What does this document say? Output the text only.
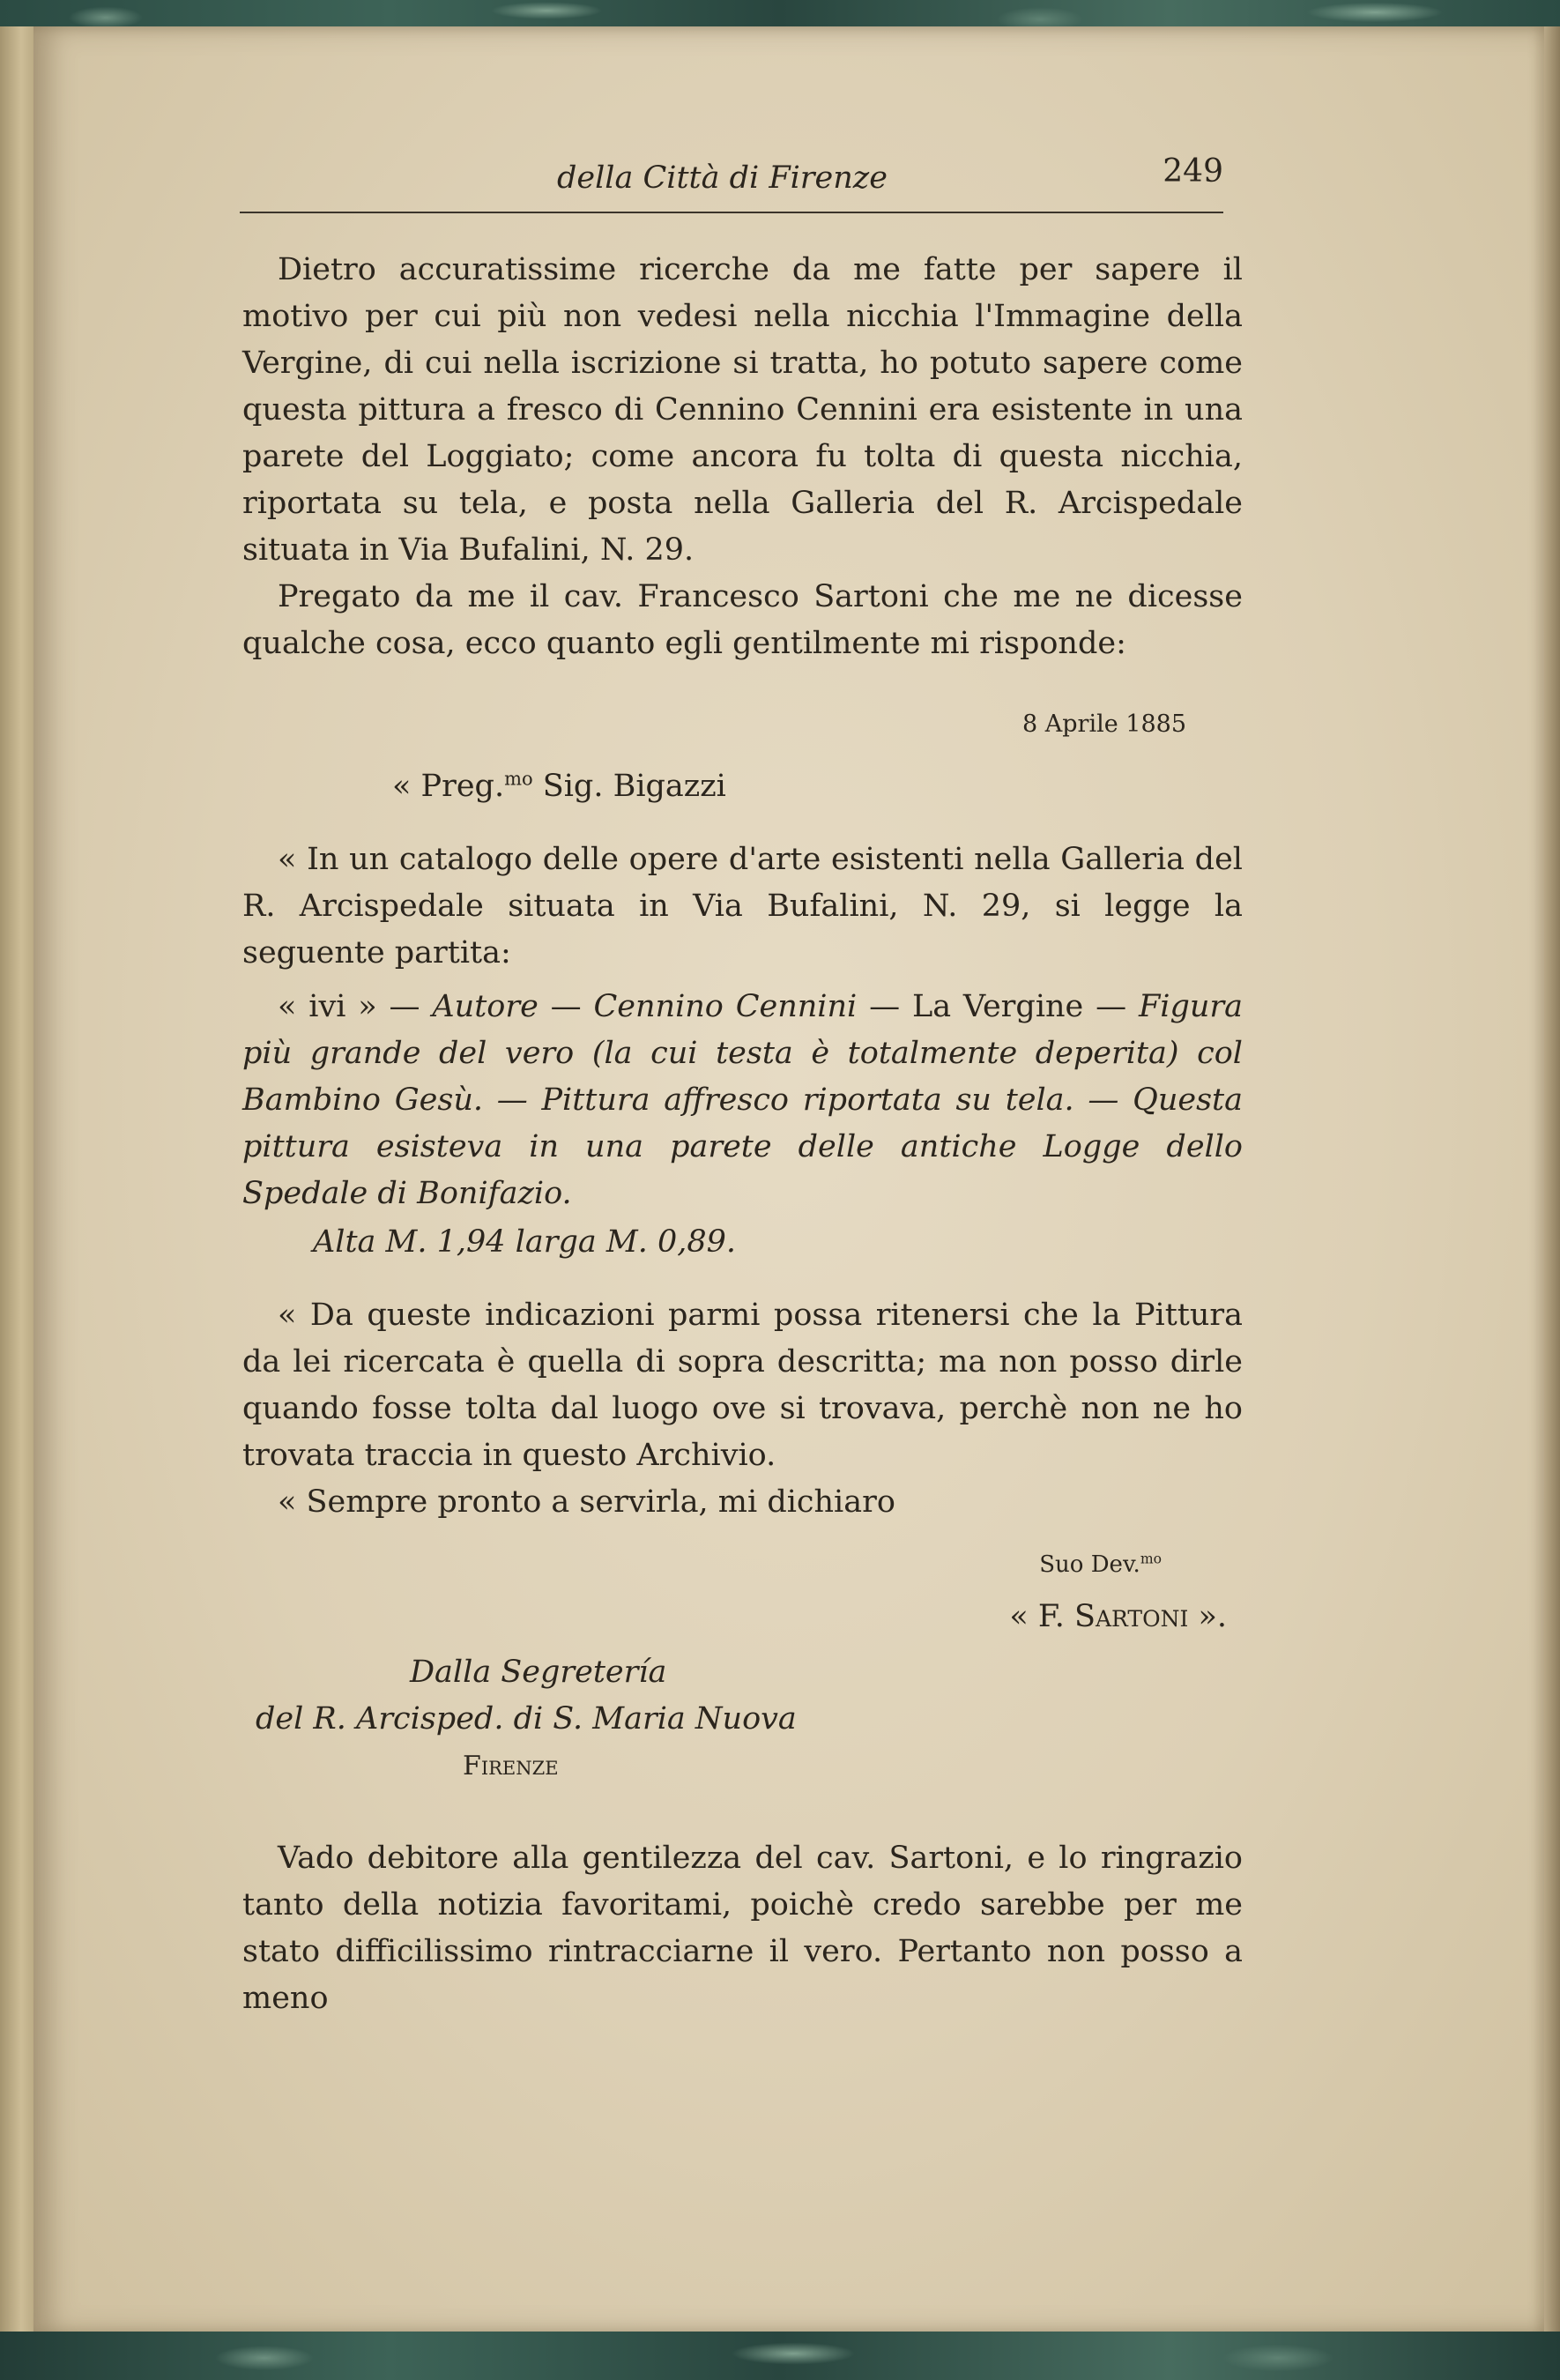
della Città di Firenze	249

Dietro accuratissime ricerche da me fatte per sapere il motivo per cui più non vedesi nella nicchia l'Immagine della Vergine, di cui nella iscrizione si tratta, ho potuto sapere come questa pittura a fresco di Cennino Cennini era esistente in una parete del Loggiato; come ancora fu tolta di questa nicchia, riportata su tela, e posta nella Galleria del R. Arcispedale situata in Via Bufalini, N. 29.

Pregato da me il cav. Francesco Sartoni che me ne dicesse qualche cosa, ecco quanto egli gentilmente mi risponde:

8 Aprile 1885
« Preg.$^{mo}$ Sig. Bigazzi

« In un catalogo delle opere d'arte esistenti nella Galleria del R. Arcispedale situata in Via Bufalini, N. 29, si legge la seguente partita:

« ivi » — Autore — Cennino Cennini — La Vergine — Figura più grande del vero (la cui testa è totalmente deperita) col Bambino Gesù. — Pittura affresco riportata su tela. — Questa pittura esisteva in una parete delle antiche Logge dello Spedale di Bonifazio.

Alta M. 1,94 larga M. 0,89.

« Da queste indicazioni parmi possa ritenersi che la Pittura da lei ricercata è quella di sopra descritta; ma non posso dirle quando fosse tolta dal luogo ove si trovava, perchè non ne ho trovata traccia in questo Archivio.

« Sempre pronto a servirla, mi dichiaro

Suo Dev.$^{mo}$
« F. Sartoni ».
Dalla Segretería
del R. Arcisped. di S. Maria Nuova
Firenze

Vado debitore alla gentilezza del cav. Sartoni, e lo ringrazio tanto della notizia favoritami, poichè credo sarebbe per me stato difficilissimo rintracciarne il vero. Pertanto non posso a meno
